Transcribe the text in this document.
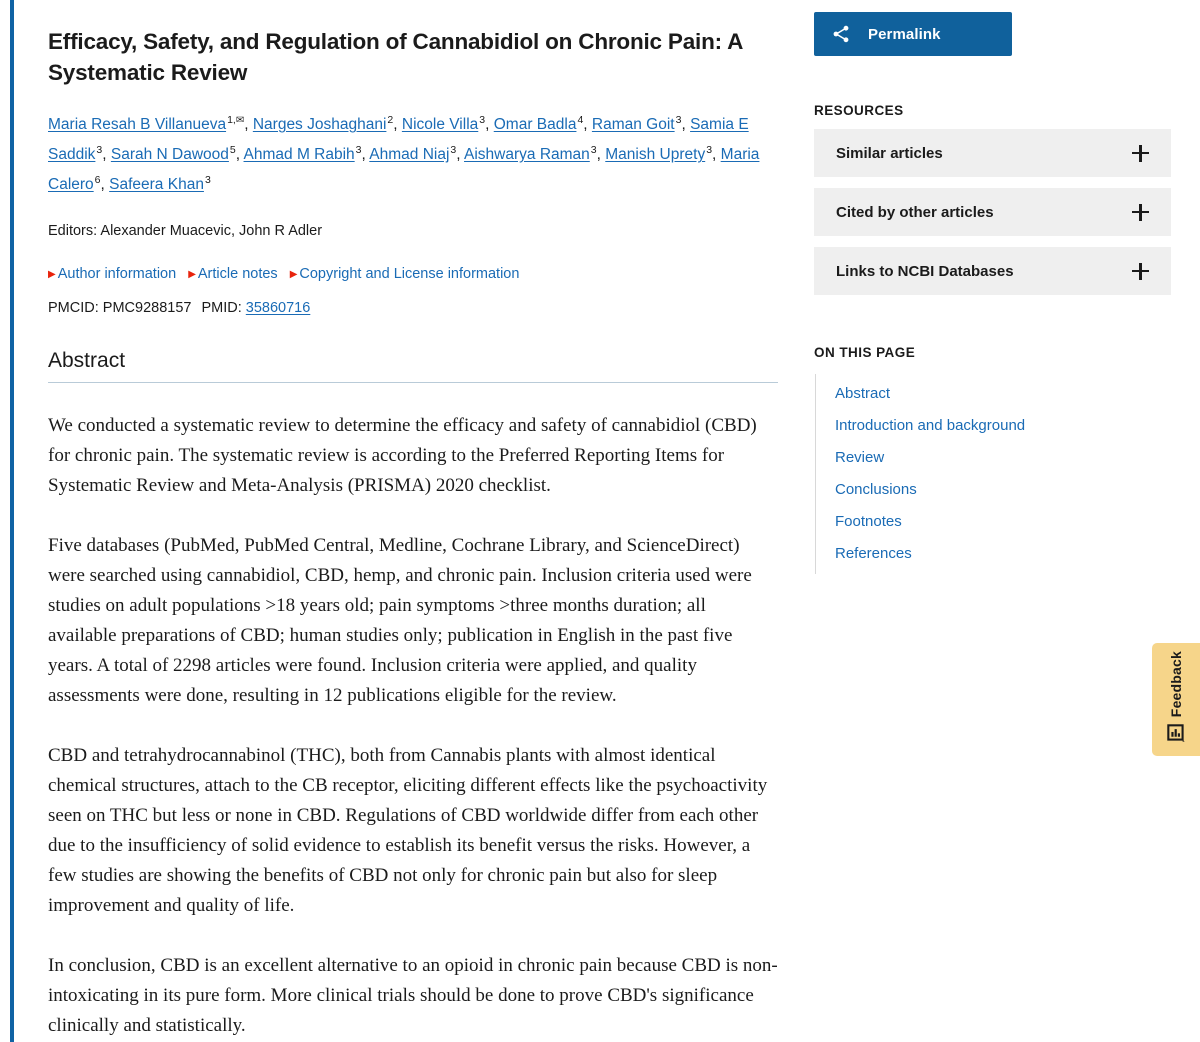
Efficacy, Safety, and Regulation of Cannabidiol on Chronic Pain: A Systematic Review
Maria Resah B Villanueva$^{1,✉}$, Narges Joshaghani$^2$, Nicole Villa$^3$, Omar Badla$^4$, Raman Goit$^3$, Samia E Saddik$^3$, Sarah N Dawood$^5$, Ahmad M Rabih$^3$, Ahmad Niaj$^3$, Aishwarya Raman$^3$, Manish Uprety$^3$, Maria Calero$^6$, Safeera Khan$^3$
Editors: Alexander Muacevic, John R Adler
▶ Author information ▶ Article notes ▶ Copyright and License information
PMCID: PMC9288157 PMID: 35860716
Abstract

We conducted a systematic review to determine the efficacy and safety of cannabidiol (CBD) for chronic pain. The systematic review is according to the Preferred Reporting Items for Systematic Review and Meta-Analysis (PRISMA) 2020 checklist.

Five databases (PubMed, PubMed Central, Medline, Cochrane Library, and ScienceDirect) were searched using cannabidiol, CBD, hemp, and chronic pain. Inclusion criteria used were studies on adult populations >18 years old; pain symptoms >three months duration; all available preparations of CBD; human studies only; publication in English in the past five years. A total of 2298 articles were found. Inclusion criteria were applied, and quality assessments were done, resulting in 12 publications eligible for the review.

CBD and tetrahydrocannabinol (THC), both from Cannabis plants with almost identical chemical structures, attach to the CB receptor, eliciting different effects like the psychoactivity seen on THC but less or none in CBD. Regulations of CBD worldwide differ from each other due to the insufficiency of solid evidence to establish its benefit versus the risks. However, a few studies are showing the benefits of CBD not only for chronic pain but also for sleep improvement and quality of life.

In conclusion, CBD is an excellent alternative to an opioid in chronic pain because CBD is non-intoxicating in its pure form. More clinical trials should be done to prove CBD's significance clinically and statistically.

Permalink
RESOURCES
Similar articles
Cited by other articles
Links to NCBI Databases
ON THIS PAGE
Abstract
Introduction and background
Review
Conclusions
Footnotes
References
Feedback
